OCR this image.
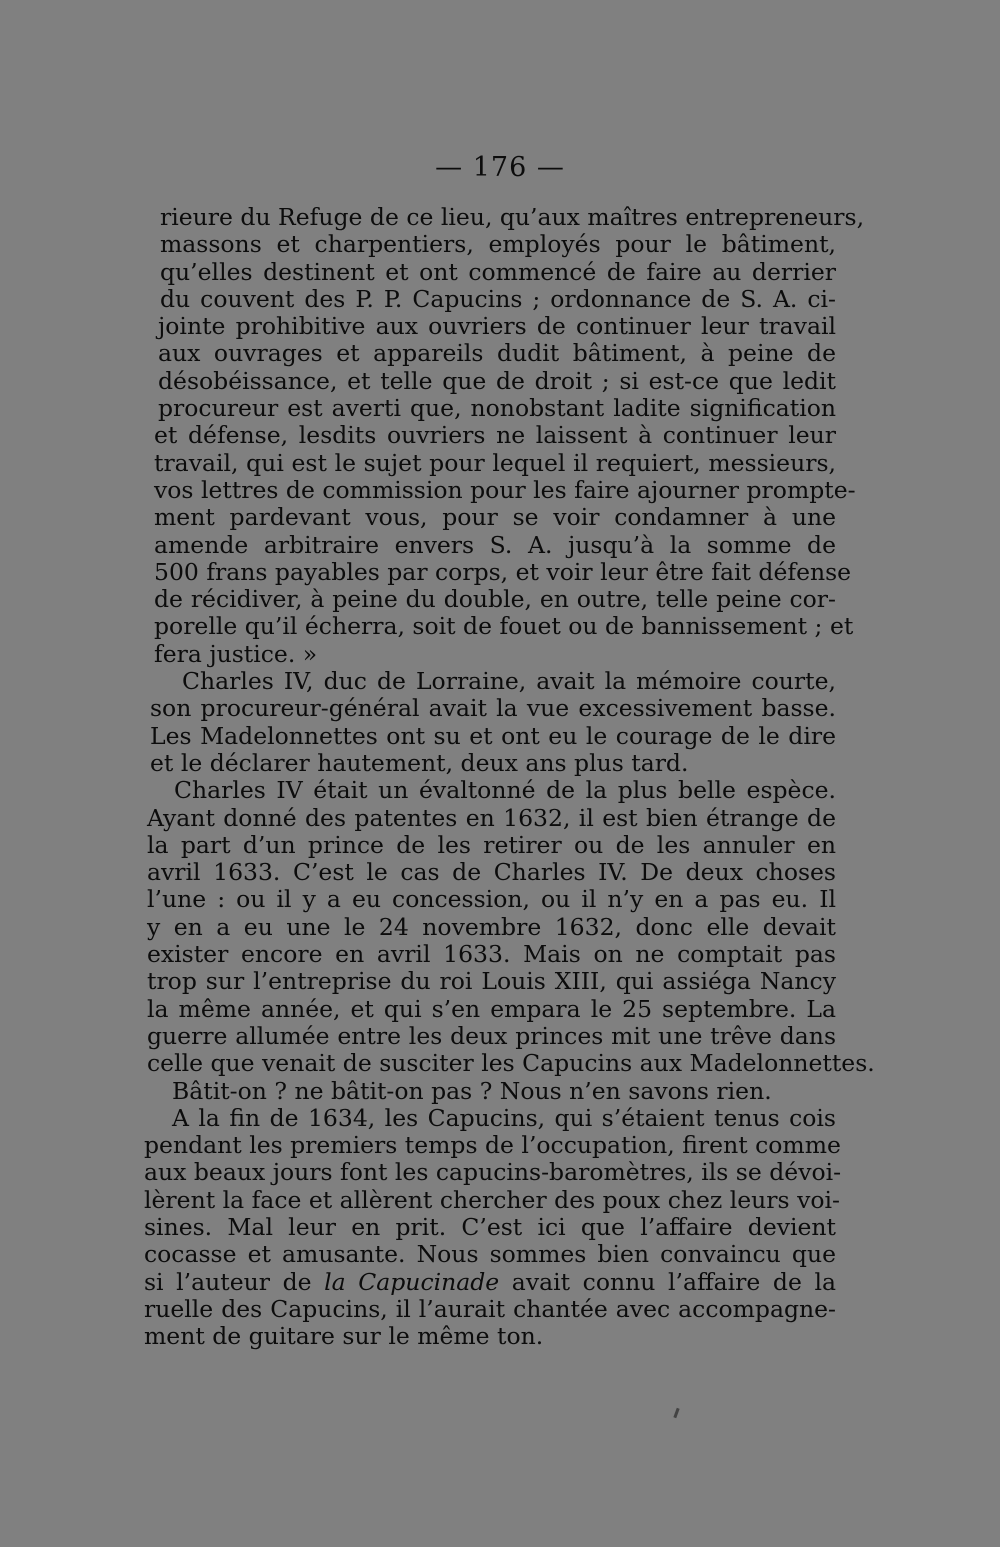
— 176 —
rieure du Refuge de ce lieu, qu’aux maîtres entrepreneurs,
massons et charpentiers, employés pour le bâtiment,
qu’elles destinent et ont commencé de faire au derrier
du couvent des P. P. Capucins ; ordonnance de S. A. ci-
jointe prohibitive aux ouvriers de continuer leur travail
aux ouvrages et appareils dudit bâtiment, à peine de
désobéissance, et telle que de droit ; si est-ce que ledit
procureur est averti que, nonobstant ladite signification
et défense, lesdits ouvriers ne laissent à continuer leur
travail, qui est le sujet pour lequel il requiert, messieurs,
vos lettres de commission pour les faire ajourner prompte-
ment pardevant vous, pour se voir condamner à une
amende arbitraire envers S. A. jusqu’à la somme de
500 frans payables par corps, et voir leur être fait défense
de récidiver, à peine du double, en outre, telle peine cor-
porelle qu’il écherra, soit de fouet ou de bannissement ; et
fera justice. »
Charles IV, duc de Lorraine, avait la mémoire courte,
son procureur-général avait la vue excessivement basse.
Les Madelonnettes ont su et ont eu le courage de le dire
et le déclarer hautement, deux ans plus tard.
Charles IV était un évaltonné de la plus belle espèce.
Ayant donné des patentes en 1632, il est bien étrange de
la part d’un prince de les retirer ou de les annuler en
avril 1633. C’est le cas de Charles IV. De deux choses
l’une : ou il y a eu concession, ou il n’y en a pas eu. Il
y en a eu une le 24 novembre 1632, donc elle devait
exister encore en avril 1633. Mais on ne comptait pas
trop sur l’entreprise du roi Louis XIII, qui assiéga Nancy
la même année, et qui s’en empara le 25 septembre. La
guerre allumée entre les deux princes mit une trêve dans
celle que venait de susciter les Capucins aux Madelonnettes.
Bâtit-on ? ne bâtit-on pas ? Nous n’en savons rien.
A la fin de 1634, les Capucins, qui s’étaient tenus cois
pendant les premiers temps de l’occupation, firent comme
aux beaux jours font les capucins-baromètres, ils se dévoi-
lèrent la face et allèrent chercher des poux chez leurs voi-
sines. Mal leur en prit. C’est ici que l’affaire devient
cocasse et amusante. Nous sommes bien convaincu que
si l’auteur de la Capucinade avait connu l’affaire de la
ruelle des Capucins, il l’aurait chantée avec accompagne-
ment de guitare sur le même ton.
